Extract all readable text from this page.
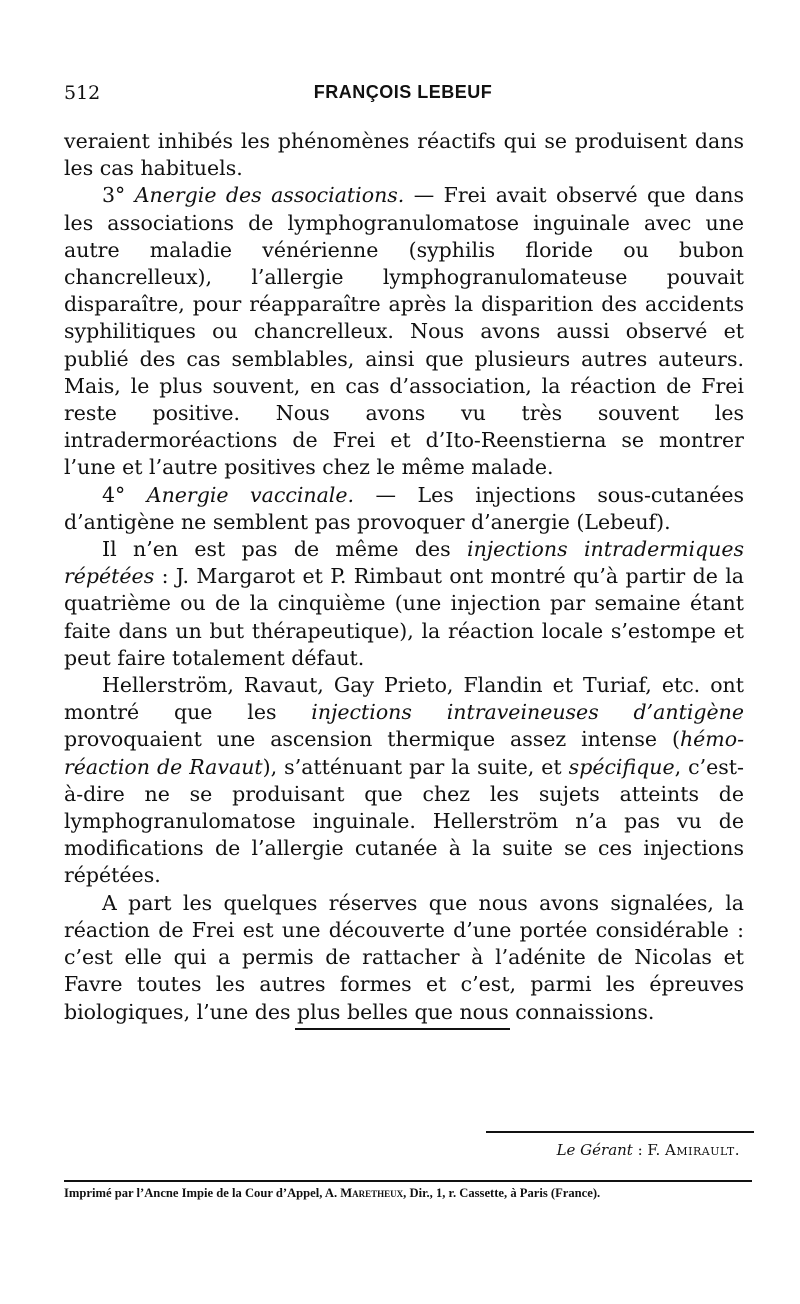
512	FRANÇOIS LEBEUF

veraient inhibés les phénomènes réactifs qui se produisent dans les cas habituels.

3° Anergie des associations. — Frei avait observé que dans les associations de lymphogranulomatose inguinale avec une autre maladie vénérienne (syphilis floride ou bubon chancrelleux), l’allergie lymphogranulomateuse pouvait disparaître, pour réapparaître après la disparition des accidents syphilitiques ou chancrelleux. Nous avons aussi observé et publié des cas semblables, ainsi que plusieurs autres auteurs. Mais, le plus souvent, en cas d’association, la réaction de Frei reste positive. Nous avons vu très souvent les intradermoréactions de Frei et d’Ito-Reenstierna se montrer l’une et l’autre positives chez le même malade.

4° Anergie vaccinale. — Les injections sous-cutanées d’antigène ne semblent pas provoquer d’anergie (Lebeuf).

Il n’en est pas de même des injections intradermiques répétées : J. Margarot et P. Rimbaut ont montré qu’à partir de la quatrième ou de la cinquième (une injection par semaine étant faite dans un but thérapeutique), la réaction locale s’estompe et peut faire totalement défaut.

Hellerström, Ravaut, Gay Prieto, Flandin et Turiaf, etc. ont montré que les injections intraveineuses d’antigène provoquaient une ascension thermique assez intense (hémo-réaction de Ravaut), s’atténuant par la suite, et spécifique, c’est-à-dire ne se produisant que chez les sujets atteints de lymphogranulomatose inguinale. Hellerström n’a pas vu de modifications de l’allergie cutanée à la suite se ces injections répétées.

A part les quelques réserves que nous avons signalées, la réaction de Frei est une découverte d’une portée considérable : c’est elle qui a permis de rattacher à l’adénite de Nicolas et Favre toutes les autres formes et c’est, parmi les épreuves biologiques, l’une des plus belles que nous connaissions.

Le Gérant : F. Amirault.
Imprimé par l’Ancne Impie de la Cour d’Appel, A. Maretheux, Dir., 1, r. Cassette, à Paris (France).
